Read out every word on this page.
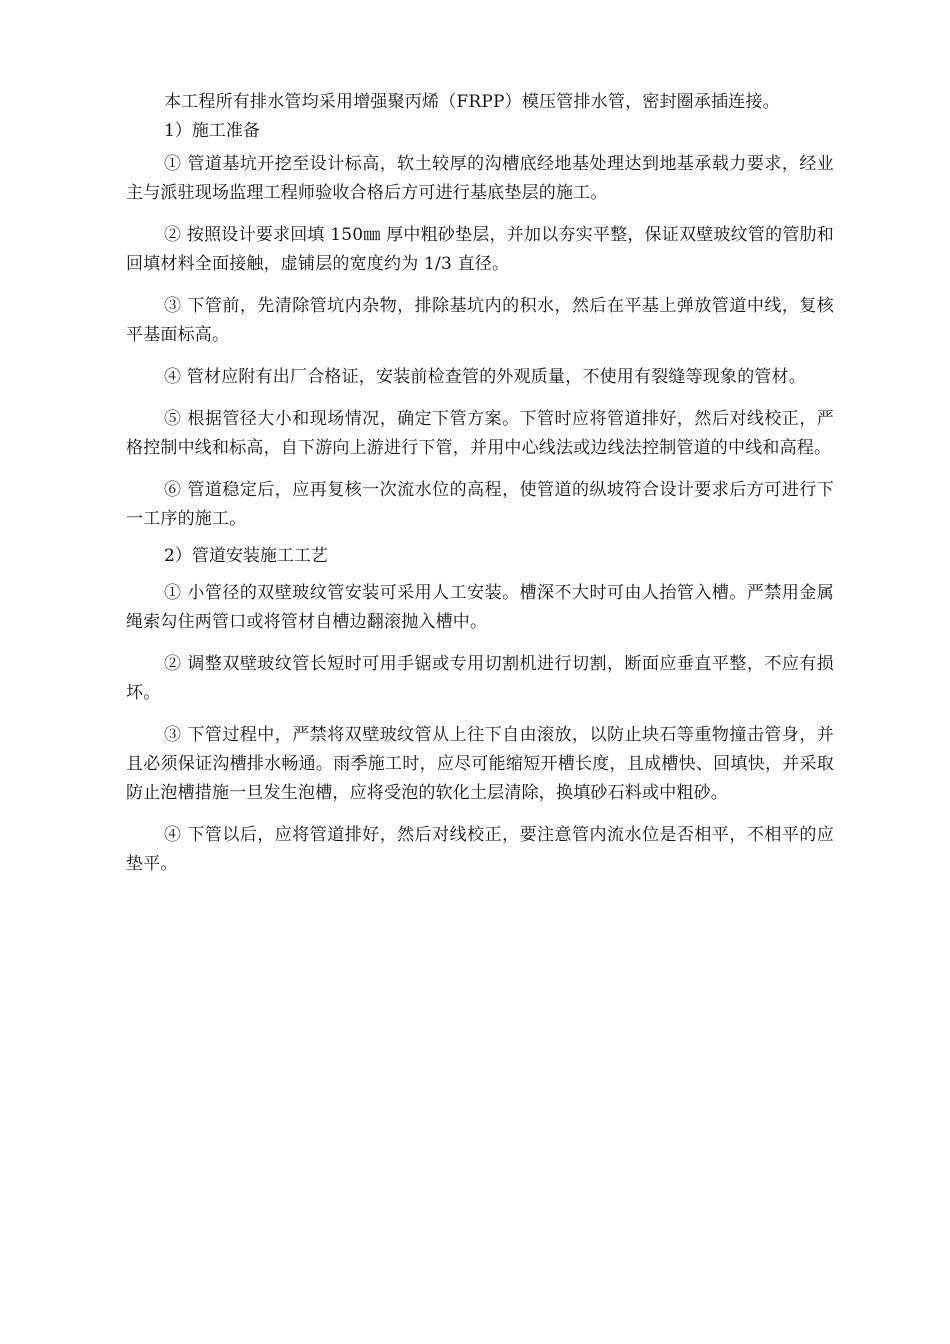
本工程所有排水管均采用增强聚丙烯（FRPP）模压管排水管，密封圈承插连接。

1）施工准备

① 管道基坑开挖至设计标高，软土较厚的沟槽底经地基处理达到地基承载力要求，经业主与派驻现场监理工程师验收合格后方可进行基底垫层的施工。

② 按照设计要求回填 150㎜ 厚中粗砂垫层，并加以夯实平整，保证双壁玻纹管的管肋和回填材料全面接触，虚铺层的宽度约为 1/3 直径。

③ 下管前，先清除管坑内杂物，排除基坑内的积水，然后在平基上弹放管道中线，复核平基面标高。

④ 管材应附有出厂合格证，安装前检查管的外观质量，不使用有裂缝等现象的管材。

⑤ 根据管径大小和现场情况，确定下管方案。下管时应将管道排好，然后对线校正，严格控制中线和标高，自下游向上游进行下管，并用中心线法或边线法控制管道的中线和高程。

⑥ 管道稳定后，应再复核一次流水位的高程，使管道的纵坡符合设计要求后方可进行下一工序的施工。

2）管道安装施工工艺

① 小管径的双壁玻纹管安装可采用人工安装。槽深不大时可由人抬管入槽。严禁用金属绳索勾住两管口或将管材自槽边翻滚抛入槽中。

② 调整双壁玻纹管长短时可用手锯或专用切割机进行切割，断面应垂直平整，不应有损坏。

③ 下管过程中，严禁将双壁玻纹管从上往下自由滚放，以防止块石等重物撞击管身，并且必须保证沟槽排水畅通。雨季施工时，应尽可能缩短开槽长度，且成槽快、回填快，并采取防止泡槽措施一旦发生泡槽，应将受泡的软化土层清除，换填砂石料或中粗砂。

④ 下管以后，应将管道排好，然后对线校正，要注意管内流水位是否相平，不相平的应垫平。
